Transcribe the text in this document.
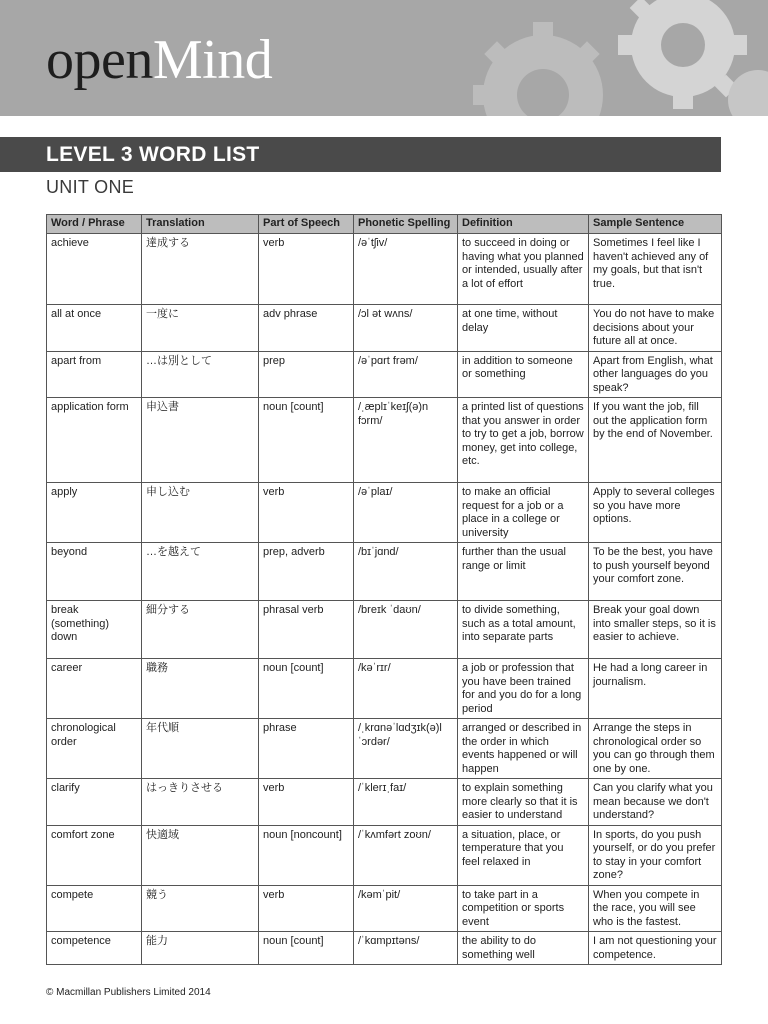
openMind
LEVEL 3 WORD LIST
UNIT ONE
Word / Phrase	Translation	Part of Speech	Phonetic Spelling	Definition	Sample Sentence
achieve	達成する	verb	/əˈtʃiv/	to succeed in doing or having what you planned or intended, usually after a lot of effort	Sometimes I feel like I haven't achieved any of my goals, but that isn't true.
all at once	一度に	adv phrase	/ɔl ət wʌns/	at one time, without delay	You do not have to make decisions about your future all at once.
apart from	…は別として	prep	/əˈpɑrt frəm/	in addition to someone or something	Apart from English, what other languages do you speak?
application form	申込書	noun [count]	/ˌæplɪˈkeɪʃ(ə)n fɔrm/	a printed list of questions that you answer in order to try to get a job, borrow money, get into college, etc.	If you want the job, fill out the application form by the end of November.
apply	申し込む	verb	/əˈplaɪ/	to make an official request for a job or a place in a college or university	Apply to several colleges so you have more options.
beyond	…を越えて	prep, adverb	/bɪˈjɑnd/	further than the usual range or limit	To be the best, you have to push yourself beyond your comfort zone.
break (something) down	細分する	phrasal verb	/breɪk ˈdaʊn/	to divide something, such as a total amount, into separate parts	Break your goal down into smaller steps, so it is easier to achieve.
career	職務	noun [count]	/kəˈrɪr/	a job or profession that you have been trained for and you do for a long period	He had a long career in journalism.
chronological order	年代順	phrase	/ˌkrɑnəˈlɑdʒɪk(ə)l ˈɔrdər/	arranged or described in the order in which events happened or will happen	Arrange the steps in chronological order so you can go through them one by one.
clarify	はっきりさせる	verb	/ˈklerɪˌfaɪ/	to explain something more clearly so that it is easier to understand	Can you clarify what you mean because we don't understand?
comfort zone	快適域	noun [noncount]	/ˈkʌmfərt zoʊn/	a situation, place, or temperature that you feel relaxed in	In sports, do you push yourself, or do you prefer to stay in your comfort zone?
compete	競う	verb	/kəmˈpit/	to take part in a competition or sports event	When you compete in the race, you will see who is the fastest.
competence	能力	noun [count]	/ˈkɑmpɪtəns/	the ability to do something well	I am not questioning your competence.
© Macmillan Publishers Limited 2014
